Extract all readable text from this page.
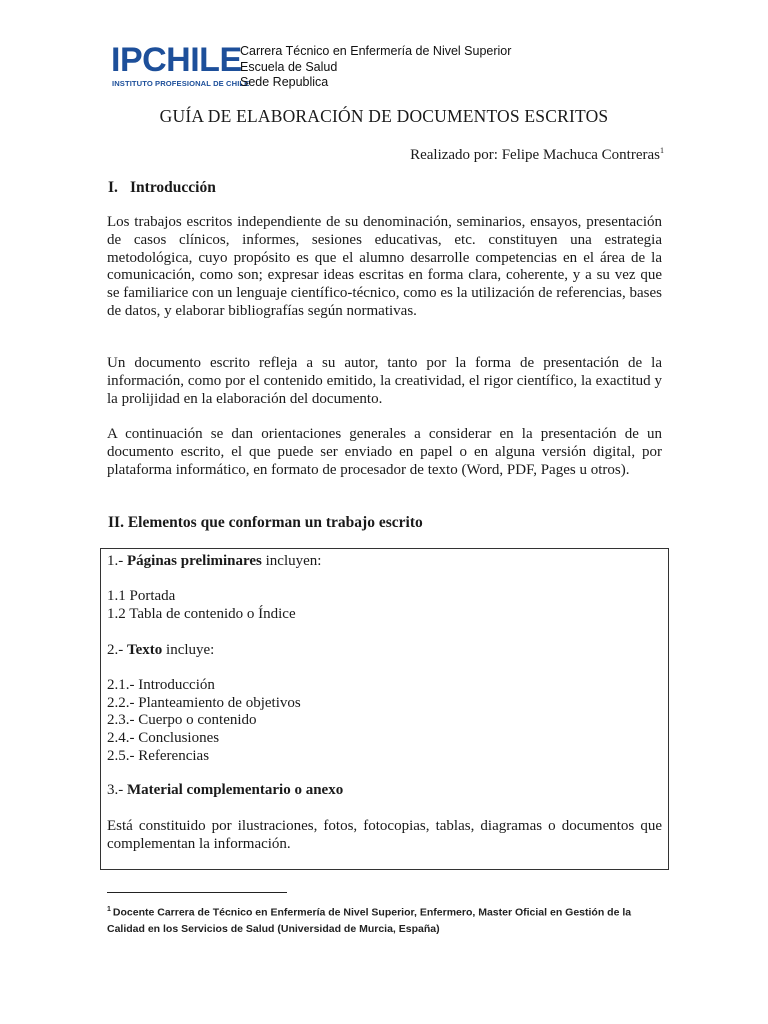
IPCHILE
INSTITUTO PROFESIONAL DE CHILE
Carrera Técnico en Enfermería de Nivel Superior
Escuela de Salud
Sede Republica
GUÍA DE ELABORACIÓN DE DOCUMENTOS ESCRITOS
Realizado por: Felipe Machuca Contreras$^1$
I. Introducción
Los trabajos escritos independiente de su denominación, seminarios, ensayos, presentación de casos clínicos, informes, sesiones educativas, etc. constituyen una estrategia metodológica, cuyo propósito es que el alumno desarrolle competencias en el área de la comunicación, como son; expresar ideas escritas en forma clara, coherente, y a su vez que se familiarice con un lenguaje científico-técnico, como es la utilización de referencias, bases de datos, y elaborar bibliografías según normativas.
Un documento escrito refleja a su autor, tanto por la forma de presentación de la información, como por el contenido emitido, la creatividad, el rigor científico, la exactitud y la prolijidad en la elaboración del documento.
A continuación se dan orientaciones generales a considerar en la presentación de un documento escrito, el que puede ser enviado en papel o en alguna versión digital, por plataforma informático, en formato de procesador de texto (Word, PDF, Pages u otros).
II. Elementos que conforman un trabajo escrito
1.- Páginas preliminares incluyen:
1.1 Portada
1.2 Tabla de contenido o Índice
2.- Texto incluye:
2.1.- Introducción
2.2.- Planteamiento de objetivos
2.3.- Cuerpo o contenido
2.4.- Conclusiones
2.5.- Referencias
3.- Material complementario o anexo
Está constituido por ilustraciones, fotos, fotocopias, tablas, diagramas o documentos que complementan la información.
$^1$ Docente Carrera de Técnico en Enfermería de Nivel Superior, Enfermero, Master Oficial en Gestión de la Calidad en los Servicios de Salud (Universidad de Murcia, España)
